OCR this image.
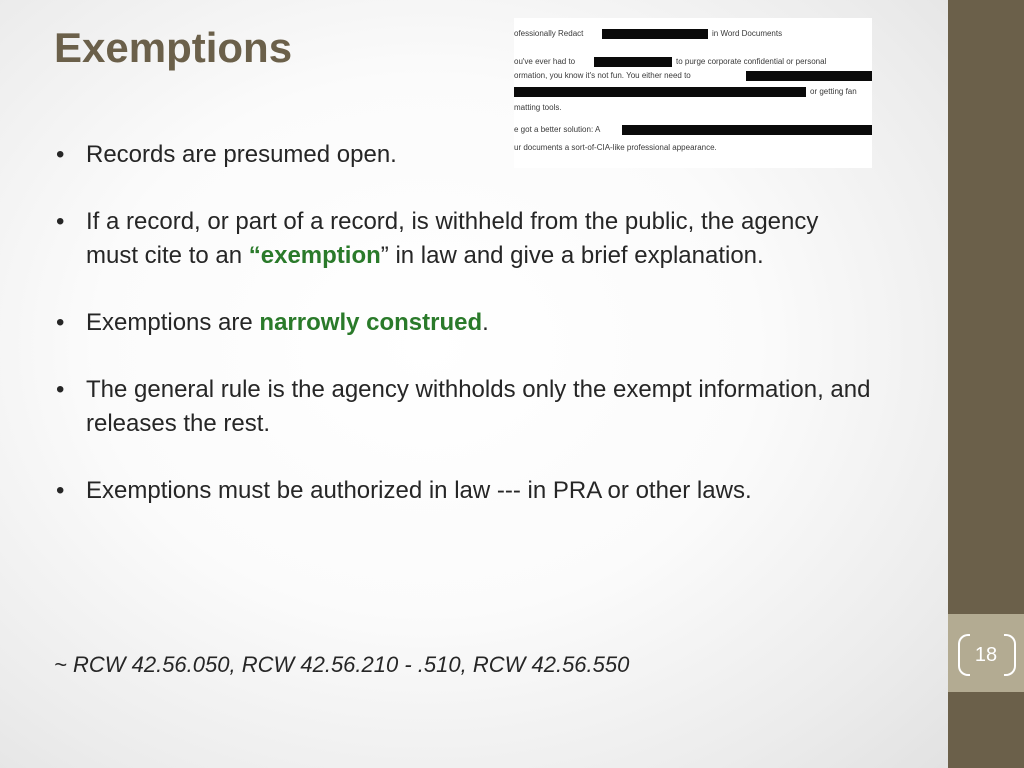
18
Exemptions	ofessionally Redact	in Word Documents
ou've ever had to	to purge corporate confidential or personal
ormation, you know it's not fun. You either need to
or getting fan
matting tools.
e got a better solution: A
ur documents a sort-of-CIA-like professional appearance.
• Records are presumed open.
• If a record, or part of a record, is withheld from the public, the agency must cite to an “exemption” in law and give a brief explanation.
• Exemptions are narrowly construed.
• The general rule is the agency withholds only the exempt information, and releases the rest.
• Exemptions must be authorized in law --- in PRA or other laws.
~ RCW 42.56.050, RCW 42.56.210 - .510, RCW 42.56.550
